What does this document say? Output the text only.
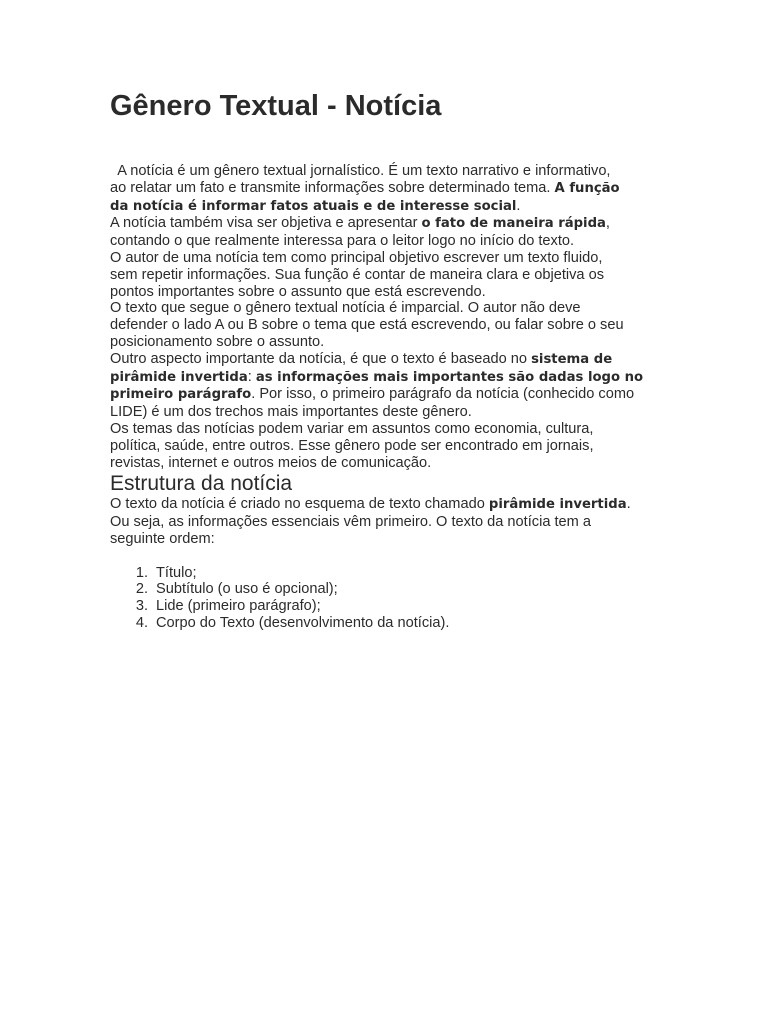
Gênero Textual - Notícia
A notícia é um gênero textual jornalístico. É um texto narrativo e informativo,
ao relatar um fato e transmite informações sobre determinado tema. A função
da notícia é informar fatos atuais e de interesse social.
A notícia também visa ser objetiva e apresentar o fato de maneira rápida,
contando o que realmente interessa para o leitor logo no início do texto.
O autor de uma notícia tem como principal objetivo escrever um texto fluido,
sem repetir informações. Sua função é contar de maneira clara e objetiva os
pontos importantes sobre o assunto que está escrevendo.
O texto que segue o gênero textual notícia é imparcial. O autor não deve
defender o lado A ou B sobre o tema que está escrevendo, ou falar sobre o seu
posicionamento sobre o assunto.
Outro aspecto importante da notícia, é que o texto é baseado no sistema de
pirâmide invertida: as informações mais importantes são dadas logo no
primeiro parágrafo. Por isso, o primeiro parágrafo da notícia (conhecido como
LIDE) é um dos trechos mais importantes deste gênero.
Os temas das notícias podem variar em assuntos como economia, cultura,
política, saúde, entre outros. Esse gênero pode ser encontrado em jornais,
revistas, internet e outros meios de comunicação.
Estrutura da notícia
O texto da notícia é criado no esquema de texto chamado pirâmide invertida.
Ou seja, as informações essenciais vêm primeiro. O texto da notícia tem a
seguinte ordem:
1. Título;
2. Subtítulo (o uso é opcional);
3. Lide (primeiro parágrafo);
4. Corpo do Texto (desenvolvimento da notícia).
